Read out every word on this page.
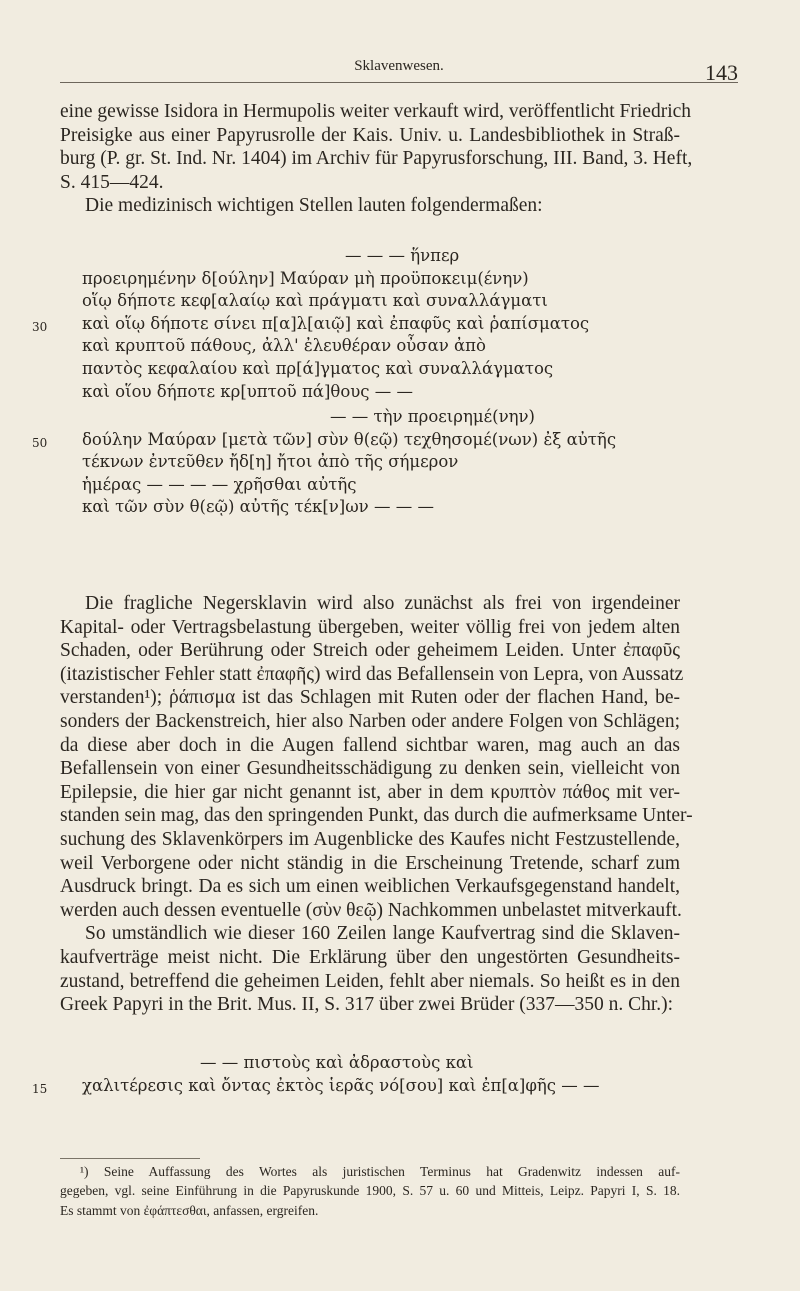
Sklavenwesen.	143

eine gewisse Isidora in Hermupolis weiter verkauft wird, veröffentlicht Friedrich
Preisigke aus einer Papyrusrolle der Kais. Univ. u. Landesbibliothek in Straß-
burg (P. gr. St. Ind. Nr. 1404) im Archiv für Papyrusforschung, III. Band, 3. Heft,
S. 415—424.
Die medizinisch wichtigen Stellen lauten folgendermaßen:

— — — ἥνπερ
προειρημένην δ[ούλην] Μαύραν μὴ προϋποκειμ(ένην)
οἵῳ δήποτε κεφ[αλαίῳ καὶ πράγματι καὶ συναλλάγματι
30 καὶ οἵῳ δήποτε σίνει π[α]λ[αιῷ] καὶ ἐπαφῦς καὶ ῥαπίσματος
καὶ κρυπτοῦ πάθους, ἀλλ' ἐλευθέραν οὖσαν ἀπὸ
παντὸς κεφαλαίου καὶ πρ[ά]γματος καὶ συναλλάγματος
καὶ οἵου δήποτε κρ[υπτοῦ πά]θους — —
— — τὴν προειρημέ(νην)
50 δούλην Μαύραν [μετὰ τῶν] σὺν θ(εῷ) τεχθησομέ(νων) ἐξ αὐτῆς
τέκνων ἐντεῦθεν ἤδ[η] ἤτοι ἀπὸ τῆς σήμερον
ἡμέρας — — — — χρῆσθαι αὐτῆς
καὶ τῶν σὺν θ(εῷ) αὐτῆς τέκ[ν]ων — — —

Die fragliche Negersklavin wird also zunächst als frei von irgendeiner
Kapital- oder Vertragsbelastung übergeben, weiter völlig frei von jedem alten
Schaden, oder Berührung oder Streich oder geheimem Leiden. Unter ἐπαφῦς
(itazistischer Fehler statt ἐπαφῆς) wird das Befallensein von Lepra, von Aussatz
verstanden¹); ῥάπισμα ist das Schlagen mit Ruten oder der flachen Hand, be-
sonders der Backenstreich, hier also Narben oder andere Folgen von Schlägen;
da diese aber doch in die Augen fallend sichtbar waren, mag auch an das
Befallensein von einer Gesundheitsschädigung zu denken sein, vielleicht von
Epilepsie, die hier gar nicht genannt ist, aber in dem κρυπτὸν πάθος mit ver-
standen sein mag, das den springenden Punkt, das durch die aufmerksame Unter-
suchung des Sklavenkörpers im Augenblicke des Kaufes nicht Festzustellende,
weil Verborgene oder nicht ständig in die Erscheinung Tretende, scharf zum
Ausdruck bringt. Da es sich um einen weiblichen Verkaufsgegenstand handelt,
werden auch dessen eventuelle (σὺν θεῷ) Nachkommen unbelastet mitverkauft.
So umständlich wie dieser 160 Zeilen lange Kaufvertrag sind die Sklaven-
kaufverträge meist nicht. Die Erklärung über den ungestörten Gesundheits-
zustand, betreffend die geheimen Leiden, fehlt aber niemals. So heißt es in den
Greek Papyri in the Brit. Mus. II, S. 317 über zwei Brüder (337—350 n. Chr.):

— — πιστοὺς καὶ ἀδραστοὺς καὶ
15 χαλιτέρεσις καὶ ὄντας ἐκτὸς ἱερᾶς νό[σου] καὶ ἐπ[α]φῆς — —
¹) Seine Auffassung des Wortes als juristischen Terminus hat Gradenwitz indessen auf-
gegeben, vgl. seine Einführung in die Papyruskunde 1900, S. 57 u. 60 und Mitteis, Leipz. Papyri I, S. 18.
Es stammt von ἐφάπτεσθαι, anfassen, ergreifen.
